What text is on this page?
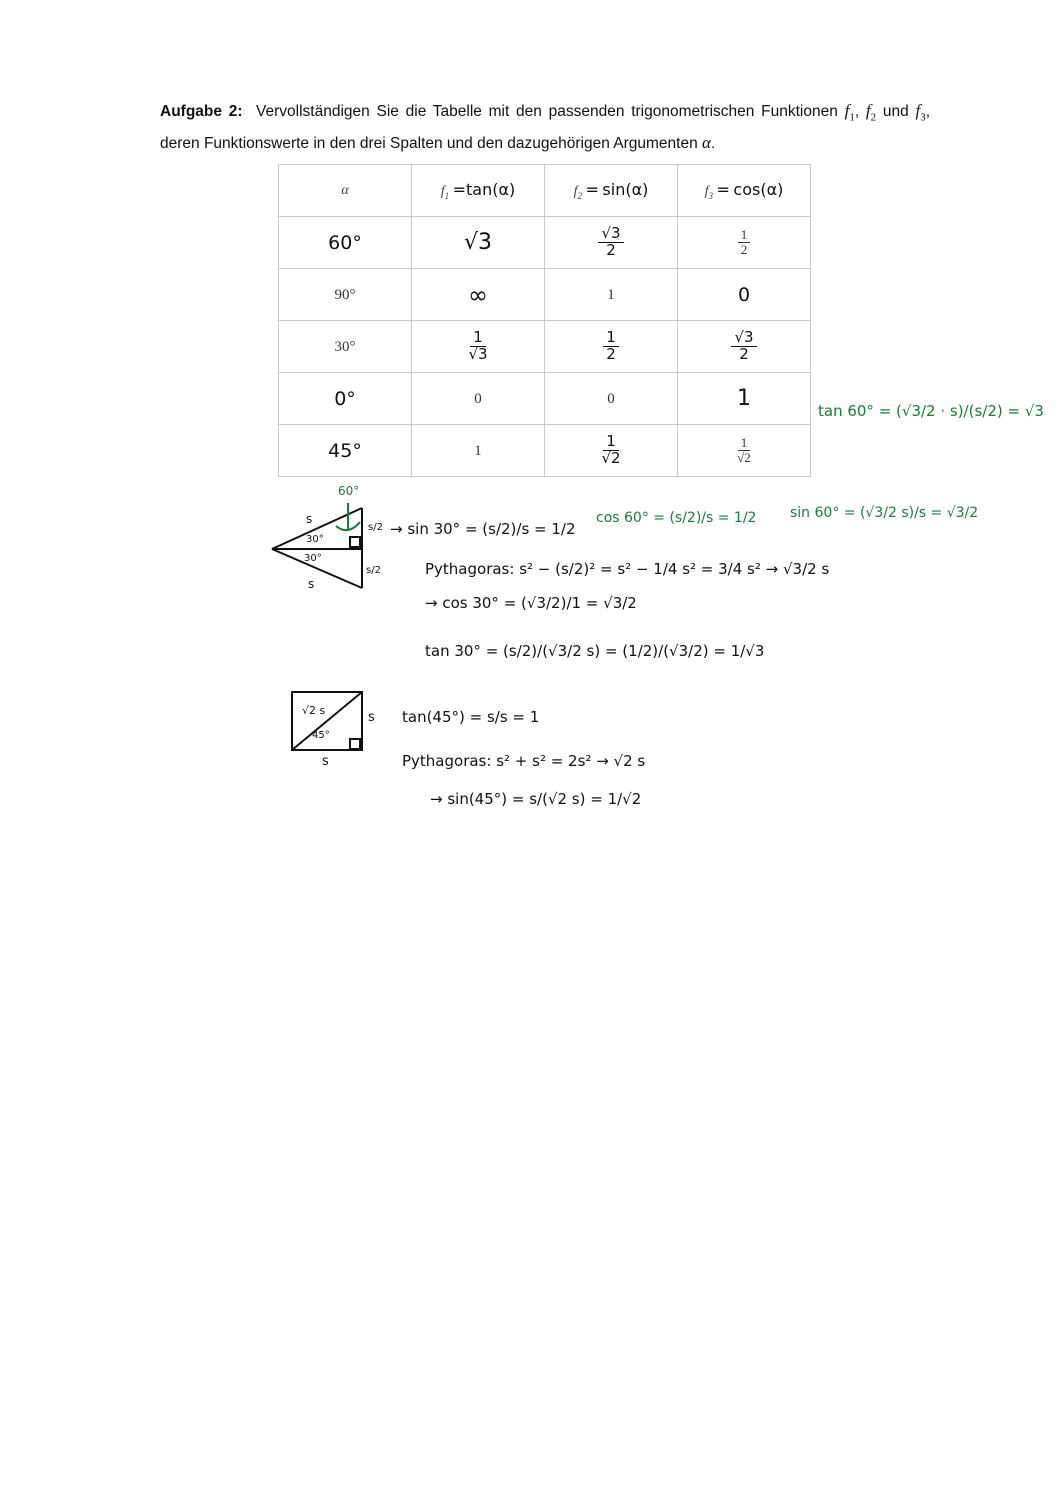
Aufgabe 2: Vervollständigen Sie die Tabelle mit den passenden trigonometrischen Funktionen $f_1$, $f_2$ und $f_3$, deren Funktionswerte in den drei Spalten und den dazugehörigen Argumenten α.
α	$f_1 =\tan(\alpha)$	$f_2 = \sin(\alpha)$	$f_3 = \cos(\alpha)$
60°	√3	$\frac{√3}{2}$	$\frac{1}{2}$

90°	∞	1	0
30°	$\frac{1}{√3}$	$\frac{1}{2}$	$\frac{√3}{2}$

0°	0	0	1
45°	1	$\frac{1}{√2}$	$\frac{1}{√2}$
tan 60° = (√3/2 · s)/(s/2) = √3
60°
cos 60° = (s/2)/s = 1/2 sin 60° = (√3/2 s)/s = √3/2
s
30°
30°
s
s/2
s/2
→ sin 30° = (s/2)/s = 1/2
Pythagoras: s² − (s/2)² = s² − 1/4 s² = 3/4 s² → √3/2 s
→ cos 30° = (√3/2)/1 = √3/2
tan 30° = (s/2)/(√3/2 s) = (1/2)/(√3/2) = 1/√3
√2 s
45°
s
s
tan(45°) = s/s = 1
Pythagoras: s² + s² = 2s² → √2 s
→ sin(45°) = s/(√2 s) = 1/√2
